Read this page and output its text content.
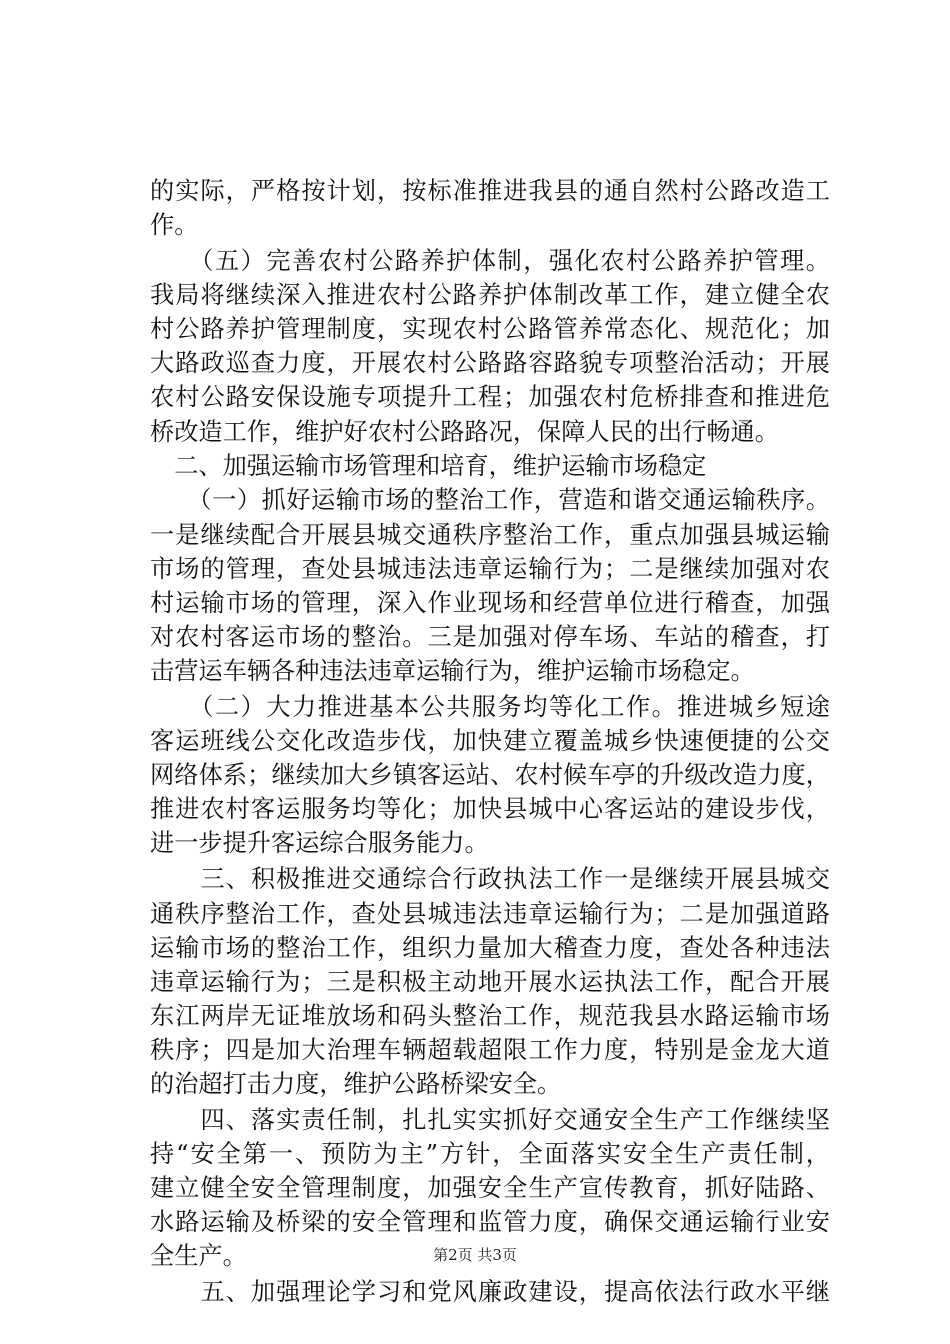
的实际，严格按计划，按标准推进我县的通自然村公路改造工
作。
　　（五）完善农村公路养护体制，强化农村公路养护管理。
我局将继续深入推进农村公路养护体制改革工作，建立健全农
村公路养护管理制度，实现农村公路管养常态化、规范化；加
大路政巡查力度，开展农村公路路容路貌专项整治活动；开展
农村公路安保设施专项提升工程；加强农村危桥排查和推进危
桥改造工作，维护好农村公路路况，保障人民的出行畅通。
　二、加强运输市场管理和培育，维护运输市场稳定
　　（一）抓好运输市场的整治工作，营造和谐交通运输秩序。
一是继续配合开展县城交通秩序整治工作，重点加强县城运输
市场的管理，查处县城违法违章运输行为；二是继续加强对农
村运输市场的管理，深入作业现场和经营单位进行稽查，加强
对农村客运市场的整治。三是加强对停车场、车站的稽查，打
击营运车辆各种违法违章运输行为，维护运输市场稳定。
　　（二）大力推进基本公共服务均等化工作。推进城乡短途
客运班线公交化改造步伐，加快建立覆盖城乡快速便捷的公交
网络体系；继续加大乡镇客运站、农村候车亭的升级改造力度，
推进农村客运服务均等化；加快县城中心客运站的建设步伐，
进一步提升客运综合服务能力。
　　三、积极推进交通综合行政执法工作一是继续开展县城交
通秩序整治工作，查处县城违法违章运输行为；二是加强道路
运输市场的整治工作，组织力量加大稽查力度，查处各种违法
违章运输行为；三是积极主动地开展水运执法工作，配合开展
东江两岸无证堆放场和码头整治工作，规范我县水路运输市场
秩序；四是加大治理车辆超载超限工作力度，特别是金龙大道
的治超打击力度，维护公路桥梁安全。
　　四、落实责任制，扎扎实实抓好交通安全生产工作继续坚
持“安全第一、预防为主”方针，全面落实安全生产责任制，
建立健全安全管理制度，加强安全生产宣传教育，抓好陆路、
水路运输及桥梁的安全管理和监管力度，确保交通运输行业安
全生产。
　　五、加强理论学习和党风廉政建设，提高依法行政水平继
第2页 共3页
